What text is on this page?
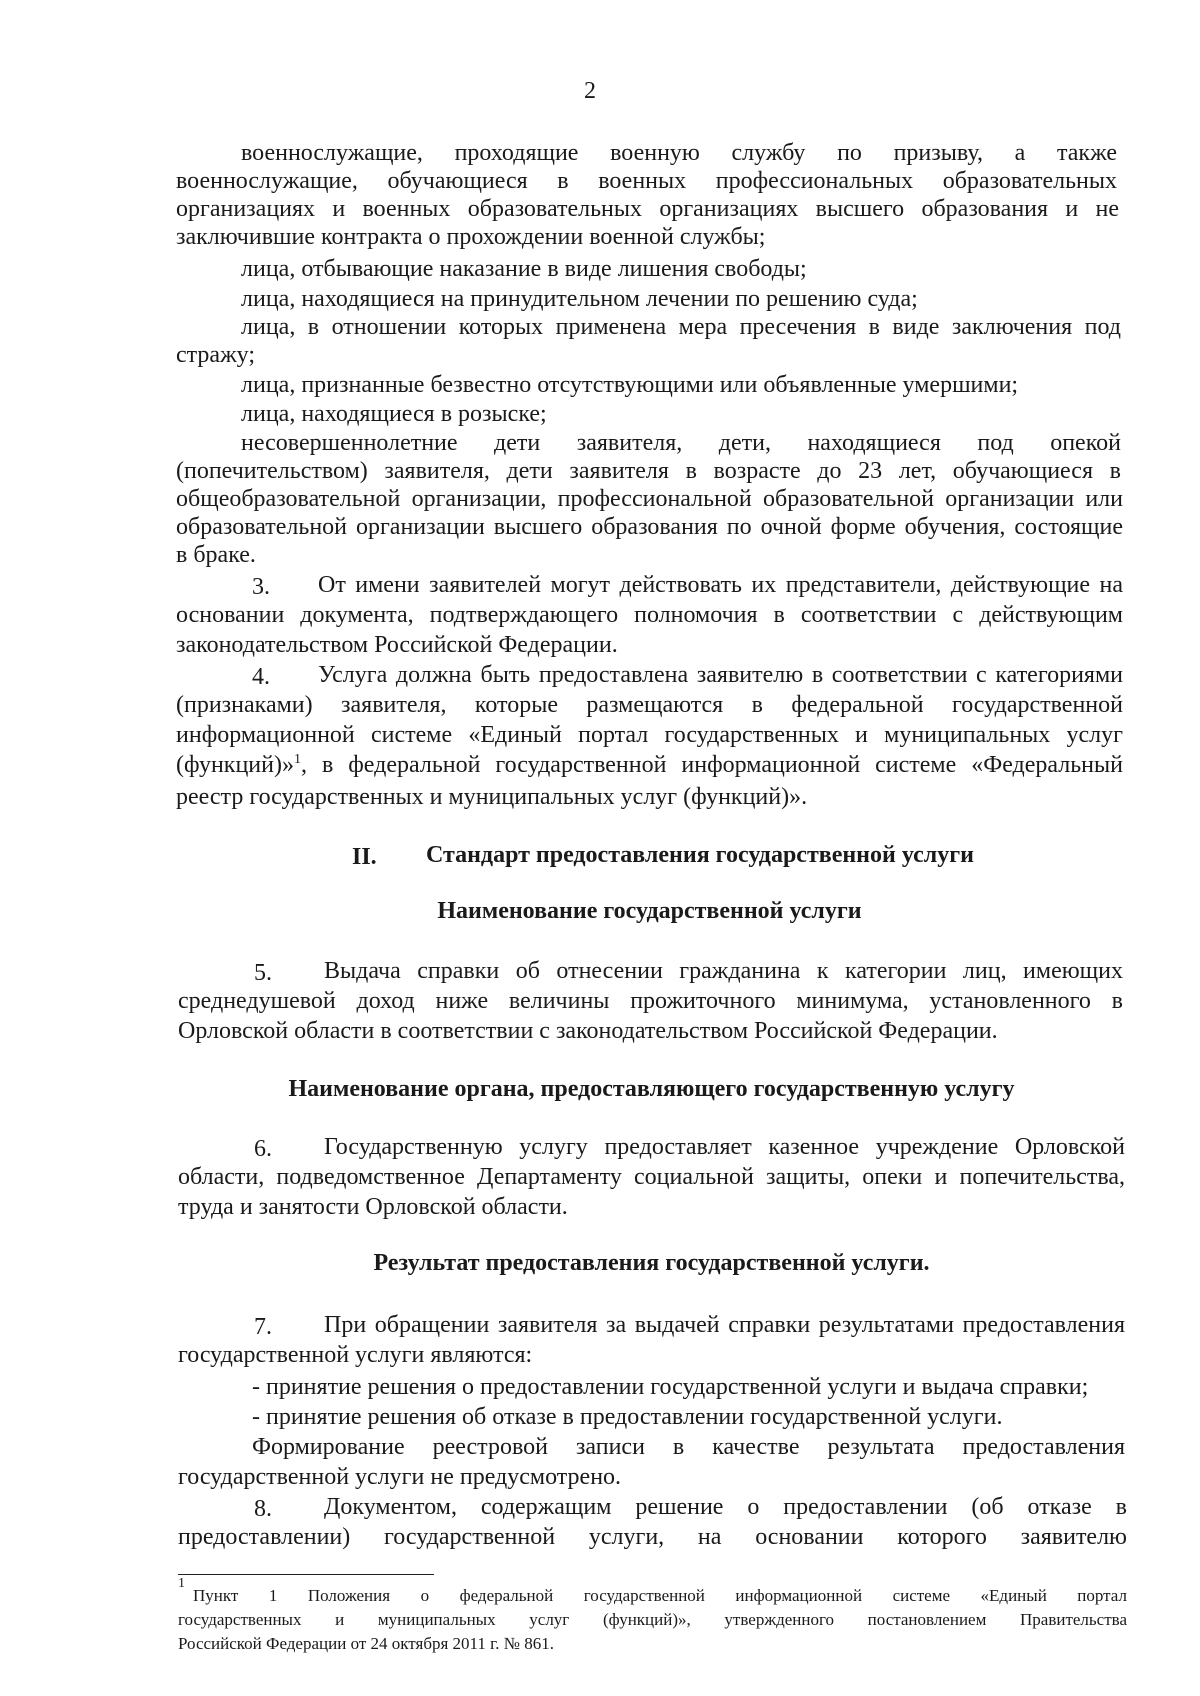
2
военнослужащие, проходящие военную службу по призыву, а также
военнослужащие, обучающиеся в военных профессиональных образовательных
организациях и военных образовательных организациях высшего образования и не
заключившие контракта о прохождении военной службы;
лица, отбывающие наказание в виде лишения свободы;
лица, находящиеся на принудительном лечении по решению суда;
лица, в отношении которых применена мера пресечения в виде заключения под
стражу;
лица, признанные безвестно отсутствующими или объявленные умершими;
лица, находящиеся в розыске;
несовершеннолетние дети заявителя, дети, находящиеся под опекой
(попечительством) заявителя, дети заявителя в возрасте до 23 лет, обучающиеся в
общеобразовательной организации, профессиональной образовательной организации или
образовательной организации высшего образования по очной форме обучения, состоящие
в браке.
3. От имени заявителей могут действовать их представители, действующие на
основании документа, подтверждающего полномочия в соответствии с действующим
законодательством Российской Федерации.
4. Услуга должна быть предоставлена заявителю в соответствии с категориями
(признаками) заявителя, которые размещаются в федеральной государственной
информационной системе «Единый портал государственных и муниципальных услуг
(функций)»$^1$ , в федеральной государственной информационной системе «Федеральный
реестр государственных и муниципальных услуг (функций)».
II. Стандарт предоставления государственной услуги
Наименование государственной услуги
5. Выдача справки об отнесении гражданина к категории лиц, имеющих
среднедушевой доход ниже величины прожиточного минимума, установленного в
Орловской области в соответствии с законодательством Российской Федерации.
Наименование органа, предоставляющего государственную услугу
6. Государственную услугу предоставляет казенное учреждение Орловской
области, подведомственное Департаменту социальной защиты, опеки и попечительства,
труда и занятости Орловской области.
Результат предоставления государственной услуги.
7. При обращении заявителя за выдачей справки результатами предоставления
государственной услуги являются:
- принятие решения о предоставлении государственной услуги и выдача справки;
- принятие решения об отказе в предоставлении государственной услуги.
Формирование реестровой записи в качестве результата предоставления
государственной услуги не предусмотрено.
8. Документом, содержащим решение о предоставлении (об отказе в
предоставлении) государственной услуги, на основании которого заявителю
1
Пункт 1 Положения о федеральной государственной информационной системе «Единый портал
государственных и муниципальных услуг (функций)», утвержденного постановлением Правительства
Российской Федерации от 24 октября 2011 г. № 861.
